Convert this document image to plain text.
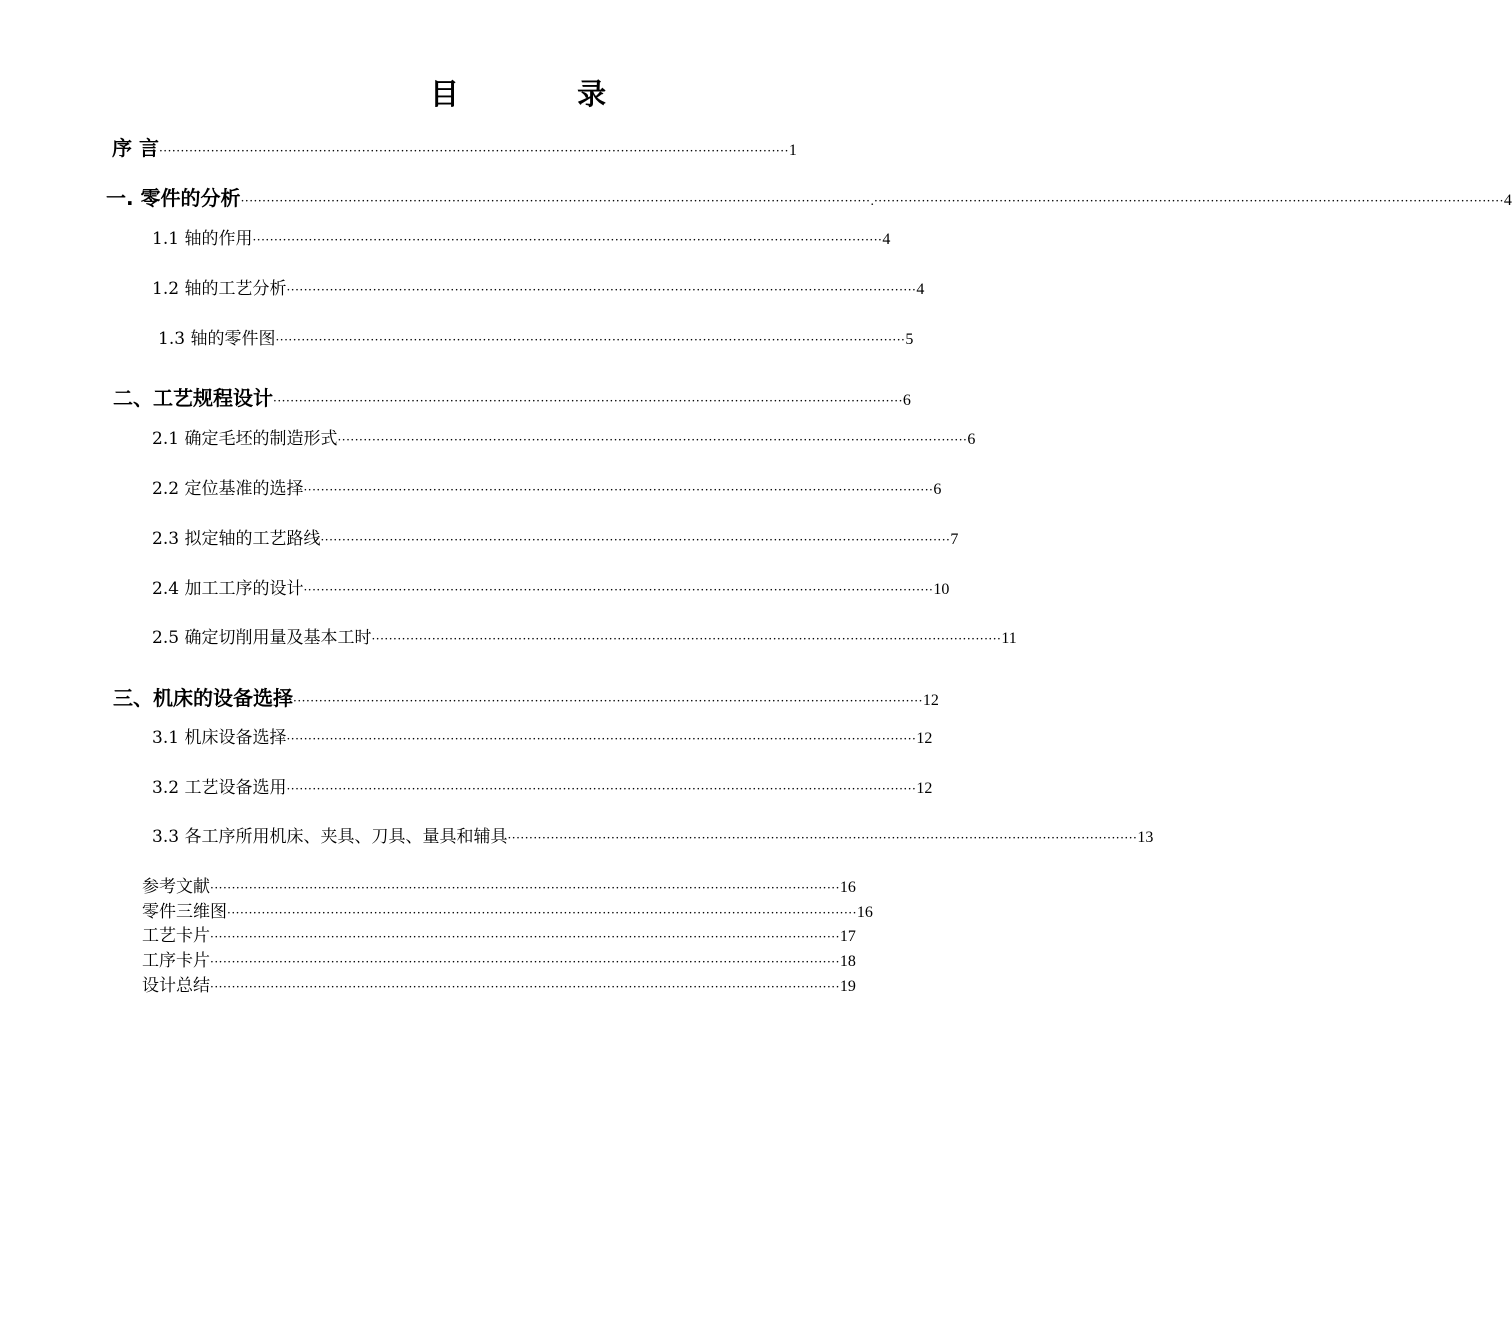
目 录
序 言 ·················································································································································· 1
一. 零件的分析 ·················································································································································· . ·················································································································································· 4
1.1 轴的作用 ·················································································································································· 4
1.2 轴的工艺分析 ·················································································································································· 4
1.3 轴的零件图 ·················································································································································· 5
二、工艺规程设计 ·················································································································································· 6
2.1 确定毛坯的制造形式 ·················································································································································· 6
2.2 定位基准的选择 ·················································································································································· 6
2.3 拟定轴的工艺路线 ·················································································································································· 7
2.4 加工工序的设计 ·················································································································································· 10
2.5 确定切削用量及基本工时 ·················································································································································· 11
三、机床的设备选择 ·················································································································································· 12
3.1 机床设备选择 ·················································································································································· 12
3.2 工艺设备选用 ·················································································································································· 12
3.3 各工序所用机床、夹具、刀具、量具和辅具 ·················································································································································· 13
参考文献 ·················································································································································· 16
零件三维图 ·················································································································································· 16
工艺卡片 ·················································································································································· 17
工序卡片 ·················································································································································· 18
设计总结 ·················································································································································· 19
